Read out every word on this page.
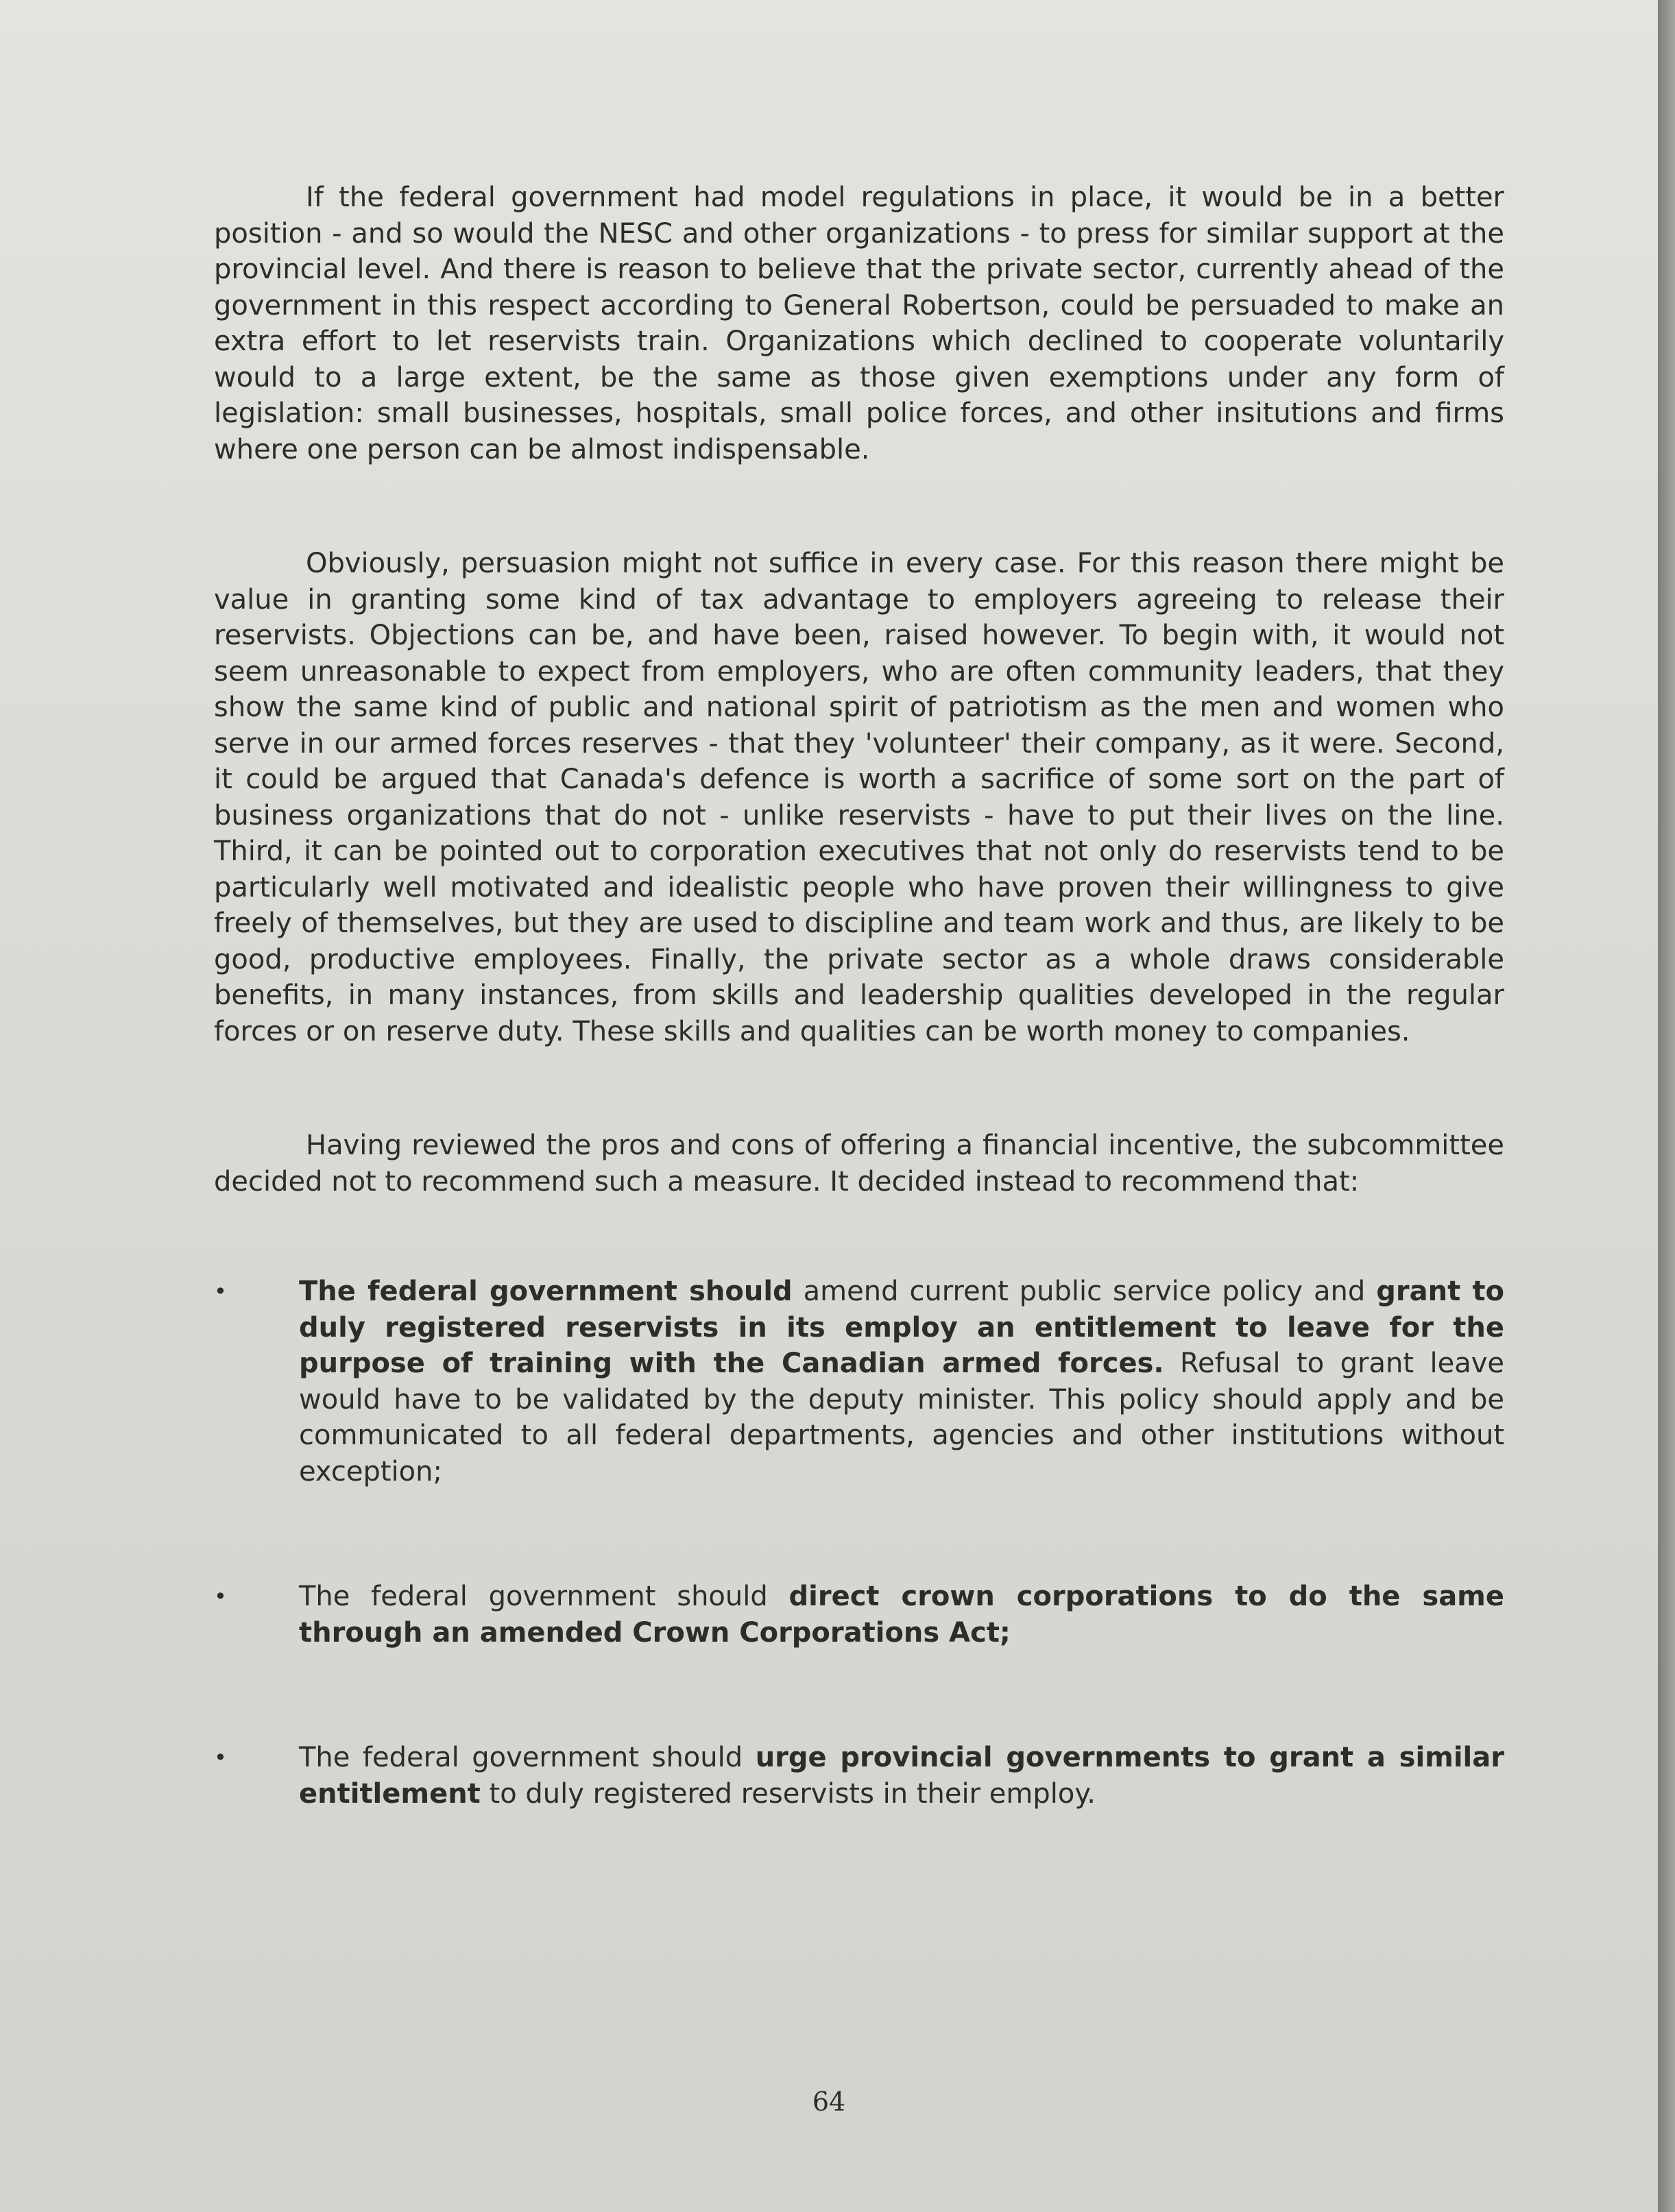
If the federal government had model regulations in place, it would be in a better position - and so would the NESC and other organizations - to press for similar support at the provincial level. And there is reason to believe that the private sector, currently ahead of the government in this respect according to General Robertson, could be persuaded to make an extra effort to let reservists train. Organizations which declined to cooperate voluntarily would to a large extent, be the same as those given exemptions under any form of legislation: small businesses, hospitals, small police forces, and other insitutions and firms where one person can be almost indispensable.

Obviously, persuasion might not suffice in every case. For this reason there might be value in granting some kind of tax advantage to employers agreeing to release their reservists. Objections can be, and have been, raised however. To begin with, it would not seem unreasonable to expect from employers, who are often community leaders, that they show the same kind of public and national spirit of patriotism as the men and women who serve in our armed forces reserves - that they 'volunteer' their company, as it were. Second, it could be argued that Canada's defence is worth a sacrifice of some sort on the part of business organizations that do not - unlike reservists - have to put their lives on the line. Third, it can be pointed out to corporation executives that not only do reservists tend to be particularly well motivated and idealistic people who have proven their willingness to give freely of themselves, but they are used to discipline and team work and thus, are likely to be good, productive employees. Finally, the private sector as a whole draws considerable benefits, in many instances, from skills and leadership qualities developed in the regular forces or on reserve duty. These skills and qualities can be worth money to companies.

Having reviewed the pros and cons of offering a financial incentive, the subcommittee decided not to recommend such a measure. It decided instead to recommend that:

•	The federal government should amend current public service policy and grant to duly registered reservists in its employ an entitlement to leave for the purpose of training with the Canadian armed forces. Refusal to grant leave would have to be validated by the deputy minister. This policy should apply and be communicated to all federal departments, agencies and other institutions without exception;
•	The federal government should direct crown corporations to do the same through an amended Crown Corporations Act;
•	The federal government should urge provincial governments to grant a similar entitlement to duly registered reservists in their employ.
64
